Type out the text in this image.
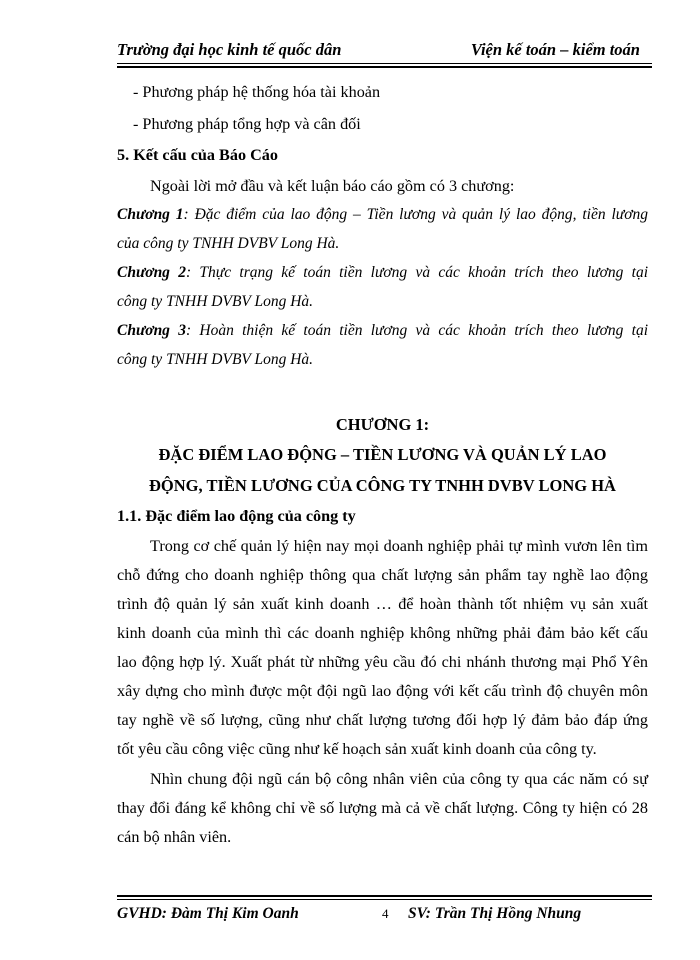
Trường đại học kinh tế quốc dân	Viện kế toán – kiểm toán
- Phương pháp hệ thống hóa tài khoản
- Phương pháp tổng hợp và cân đối
5. Kết cấu của Báo Cáo
Ngoài lời mở đầu và kết luận báo cáo gồm có 3 chương:
Chương 1: Đặc điểm của lao động – Tiền lương và quản lý lao động, tiền lương
của công ty TNHH DVBV Long Hà.
Chương 2: Thực trạng kế toán tiền lương và các khoản trích theo lương tại
công ty TNHH DVBV Long Hà.
Chương 3: Hoàn thiện kế toán tiền lương và các khoản trích theo lương tại
công ty TNHH DVBV Long Hà.
CHƯƠNG 1:
ĐẶC ĐIỂM LAO ĐỘNG – TIỀN LƯƠNG VÀ QUẢN LÝ LAO
ĐỘNG, TIỀN LƯƠNG CỦA CÔNG TY TNHH DVBV LONG HÀ
1.1. Đặc điểm lao động của công ty
Trong cơ chế quản lý hiện nay mọi doanh nghiệp phải tự mình vươn lên tìm
chỗ đứng cho doanh nghiệp thông qua chất lượng sản phẩm tay nghề lao động
trình độ quản lý sản xuất kinh doanh … để hoàn thành tốt nhiệm vụ sản xuất
kinh doanh của mình thì các doanh nghiệp không những phải đảm bảo kết cấu
lao động hợp lý. Xuất phát từ những yêu cầu đó chi nhánh thương mại Phổ Yên
xây dựng cho mình được một đội ngũ lao động với kết cấu trình độ chuyên môn
tay nghề về số lượng, cũng như chất lượng tương đối hợp lý đảm bảo đáp ứng
tốt yêu cầu công việc cũng như kế hoạch sản xuất kinh doanh của công ty.
Nhìn chung đội ngũ cán bộ công nhân viên của công ty qua các năm có sự
thay đổi đáng kể không chỉ về số lượng mà cả về chất lượng. Công ty hiện có 28
cán bộ nhân viên.
GVHD: Đàm Thị Kim Oanh	4 SV: Trần Thị Hồng Nhung
